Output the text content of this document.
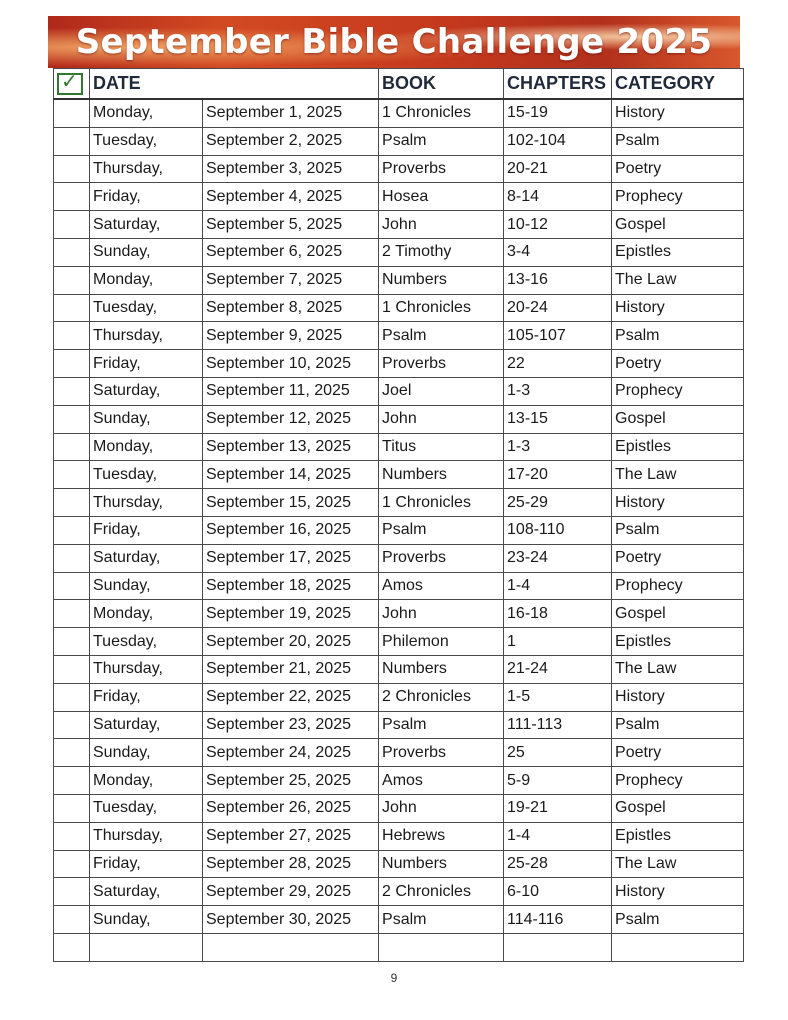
September Bible Challenge 2025
✓	DATE		BOOK	CHAPTERS	CATEGORY
	Monday,	September 1, 2025	1 Chronicles	15-19	History
	Tuesday,	September 2, 2025	Psalm	102-104	Psalm
	Thursday,	September 3, 2025	Proverbs	20-21	Poetry
	Friday,	September 4, 2025	Hosea	8-14	Prophecy
	Saturday,	September 5, 2025	John	10-12	Gospel
	Sunday,	September 6, 2025	2 Timothy	3-4	Epistles
	Monday,	September 7, 2025	Numbers	13-16	The Law
	Tuesday,	September 8, 2025	1 Chronicles	20-24	History
	Thursday,	September 9, 2025	Psalm	105-107	Psalm
	Friday,	September 10, 2025	Proverbs	22	Poetry
	Saturday,	September 11, 2025	Joel	1-3	Prophecy
	Sunday,	September 12, 2025	John	13-15	Gospel
	Monday,	September 13, 2025	Titus	1-3	Epistles
	Tuesday,	September 14, 2025	Numbers	17-20	The Law
	Thursday,	September 15, 2025	1 Chronicles	25-29	History
	Friday,	September 16, 2025	Psalm	108-110	Psalm
	Saturday,	September 17, 2025	Proverbs	23-24	Poetry
	Sunday,	September 18, 2025	Amos	1-4	Prophecy
	Monday,	September 19, 2025	John	16-18	Gospel
	Tuesday,	September 20, 2025	Philemon	1	Epistles
	Thursday,	September 21, 2025	Numbers	21-24	The Law
	Friday,	September 22, 2025	2 Chronicles	1-5	History
	Saturday,	September 23, 2025	Psalm	111-113	Psalm
	Sunday,	September 24, 2025	Proverbs	25	Poetry
	Monday,	September 25, 2025	Amos	5-9	Prophecy
	Tuesday,	September 26, 2025	John	19-21	Gospel
	Thursday,	September 27, 2025	Hebrews	1-4	Epistles
	Friday,	September 28, 2025	Numbers	25-28	The Law
	Saturday,	September 29, 2025	2 Chronicles	6-10	History
	Sunday,	September 30, 2025	Psalm	114-116	Psalm

9
